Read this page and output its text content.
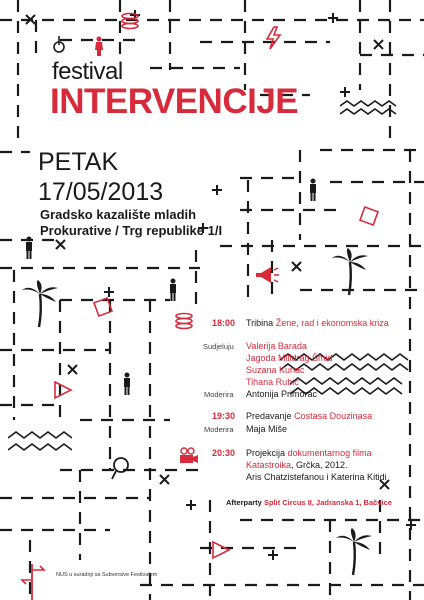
festival
INTERVENCIJE
PETAK
17/05/2013
Gradsko kazalište mladih
Prokurative / Trg republike 1/I
18:00 Tribina Žene, rad i ekonomska kriza
Sudjeluju Valerija Barada
Jagoda Milidrag Šmid
Suzana Kunac
Tihana Rubić
Moderira Antonija Primorac
19:30 Predavanje Costasa Douzinasa
Moderira Maja Miše
20:30 Projekcija dokumentarnog filma
Katastroika, Grčka, 2012.
Aris Chatzistefanou i Katerina Kitidi
Afterparty Split Circus II, Jadranska 1, Bačvice
NUS u suradnji sa Subversive Festivalom
